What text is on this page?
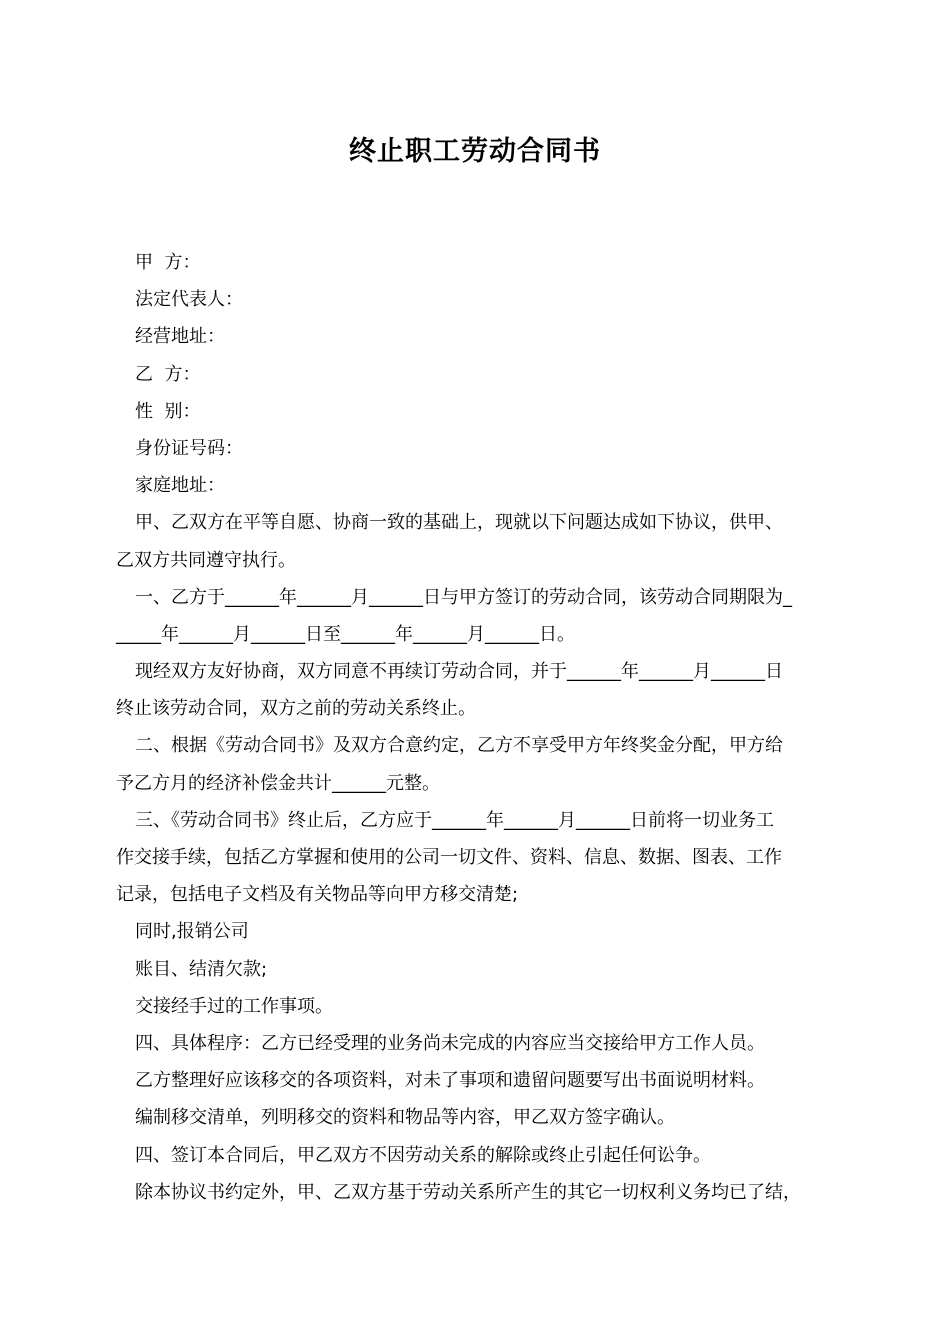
终止职工劳动合同书
甲  方：
法定代表人：
经营地址：
乙  方：
性  别：
身份证号码：
家庭地址：
甲、乙双方在平等自愿、协商一致的基础上，现就以下问题达成如下协议，供甲、
乙双方共同遵守执行。
一、乙方于______年______月______日与甲方签订的劳动合同，该劳动合同期限为_
_____年______月______日至______年______月______日。
现经双方友好协商，双方同意不再续订劳动合同，并于______年______月______日
终止该劳动合同，双方之前的劳动关系终止。
二、根据《劳动合同书》及双方合意约定，乙方不享受甲方年终奖金分配，甲方给
予乙方月的经济补偿金共计______元整。
三、《劳动合同书》终止后，乙方应于______年______月______日前将一切业务工
作交接手续，包括乙方掌握和使用的公司一切文件、资料、信息、数据、图表、工作
记录，包括电子文档及有关物品等向甲方移交清楚;
同时,报销公司
账目、结清欠款;
交接经手过的工作事项。
四、具体程序：乙方已经受理的业务尚未完成的内容应当交接给甲方工作人员。
乙方整理好应该移交的各项资料，对未了事项和遗留问题要写出书面说明材料。
编制移交清单，列明移交的资料和物品等内容，甲乙双方签字确认。
四、签订本合同后，甲乙双方不因劳动关系的解除或终止引起任何讼争。
除本协议书约定外，甲、乙双方基于劳动关系所产生的其它一切权利义务均已了结，
